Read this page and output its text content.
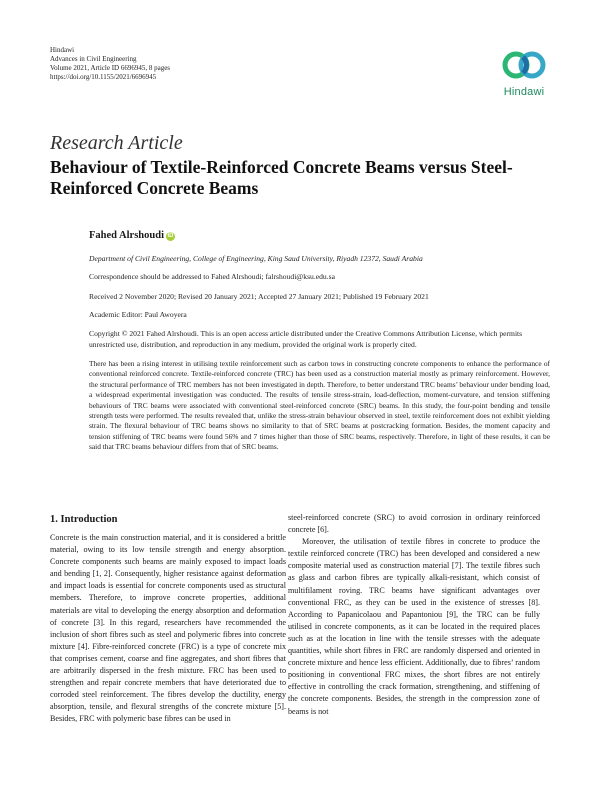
Hindawi
Advances in Civil Engineering
Volume 2021, Article ID 6696945, 8 pages
https://doi.org/10.1155/2021/6696945
Hindawi
Research Article
Behaviour of Textile-Reinforced Concrete Beams versus Steel-Reinforced Concrete Beams
Fahed Alrshoudi iD
Department of Civil Engineering, College of Engineering, King Saud University, Riyadh 12372, Saudi Arabia
Correspondence should be addressed to Fahed Alrshoudi; falrshoudi@ksu.edu.sa
Received 2 November 2020; Revised 20 January 2021; Accepted 27 January 2021; Published 19 February 2021
Academic Editor: Paul Awoyera
Copyright © 2021 Fahed Alrshoudi. This is an open access article distributed under the Creative Commons Attribution License, which permits unrestricted use, distribution, and reproduction in any medium, provided the original work is properly cited.
There has been a rising interest in utilising textile reinforcement such as carbon tows in constructing concrete components to enhance the performance of conventional reinforced concrete. Textile-reinforced concrete (TRC) has been used as a construction material mostly as primary reinforcement. However, the structural performance of TRC members has not been investigated in depth. Therefore, to better understand TRC beams’ behaviour under bending load, a widespread experimental investigation was conducted. The results of tensile stress-strain, load-deflection, moment-curvature, and tension stiffening behaviours of TRC beams were associated with conventional steel-reinforced concrete (SRC) beams. In this study, the four-point bending and tensile strength tests were performed. The results revealed that, unlike the stress-strain behaviour observed in steel, textile reinforcement does not exhibit yielding strain. The flexural behaviour of TRC beams shows no similarity to that of SRC beams at postcracking formation. Besides, the moment capacity and tension stiffening of TRC beams were found 56% and 7 times higher than those of SRC beams, respectively. Therefore, in light of these results, it can be said that TRC beams behaviour differs from that of SRC beams.
1. Introduction

Concrete is the main construction material, and it is considered a brittle material, owing to its low tensile strength and energy absorption. Concrete components such beams are mainly exposed to impact loads and bending [1, 2]. Consequently, higher resistance against deformation and impact loads is essential for concrete components used as structural members. Therefore, to improve concrete properties, additional materials are vital to developing the energy absorption and deformation of concrete [3]. In this regard, researchers have recommended the inclusion of short fibres such as steel and polymeric fibres into concrete mixture [4]. Fibre-reinforced concrete (FRC) is a type of concrete mix that comprises cement, coarse and fine aggregates, and short fibres that are arbitrarily dispersed in the fresh mixture. FRC has been used to strengthen and repair concrete members that have deteriorated due to corroded steel reinforcement. The fibres develop the ductility, energy absorption, tensile, and flexural strengths of the concrete mixture [5]. Besides, FRC with polymeric base fibres can be used in

steel-reinforced concrete (SRC) to avoid corrosion in ordinary reinforced concrete [6].

Moreover, the utilisation of textile fibres in concrete to produce the textile reinforced concrete (TRC) has been developed and considered a new composite material used as construction material [7]. The textile fibres such as glass and carbon fibres are typically alkali-resistant, which consist of multifilament roving. TRC beams have significant advantages over conventional FRC, as they can be used in the existence of stresses [8]. According to Papanicolaou and Papantoniou [9], the TRC can be fully utilised in concrete components, as it can be located in the required places such as at the location in line with the tensile stresses with the adequate quantities, while short fibres in FRC are randomly dispersed and oriented in concrete mixture and hence less efficient. Additionally, due to fibres’ random positioning in conventional FRC mixes, the short fibres are not entirely effective in controlling the crack formation, strengthening, and stiffening of the concrete components. Besides, the strength in the compression zone of beams is not
